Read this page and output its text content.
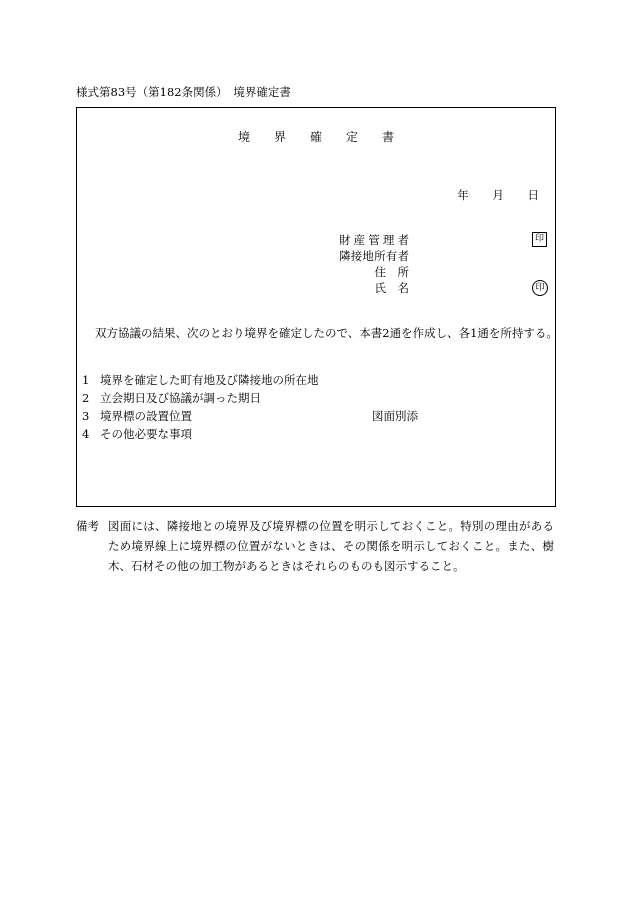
様式第83号（第182条関係）　境界確定書
境 界 確 定 書
年 月 日
財産管理者	印
隣接地所有者
住　所
氏　名	印
双方協議の結果、次のとおり境界を確定したので、本書2通を作成し、各1通を所持する。
1 境界を確定した町有地及び隣接地の所在地
2 立会期日及び協議が調った期日
3 境界標の設置位置	図面別添
4 その他必要な事項
備考 図面には、隣接地との境界及び境界標の位置を明示しておくこと。特別の理由があるため境界線上に境界標の位置がないときは、その関係を明示しておくこと。また、樹木、石材その他の加工物があるときはそれらのものも図示すること。
